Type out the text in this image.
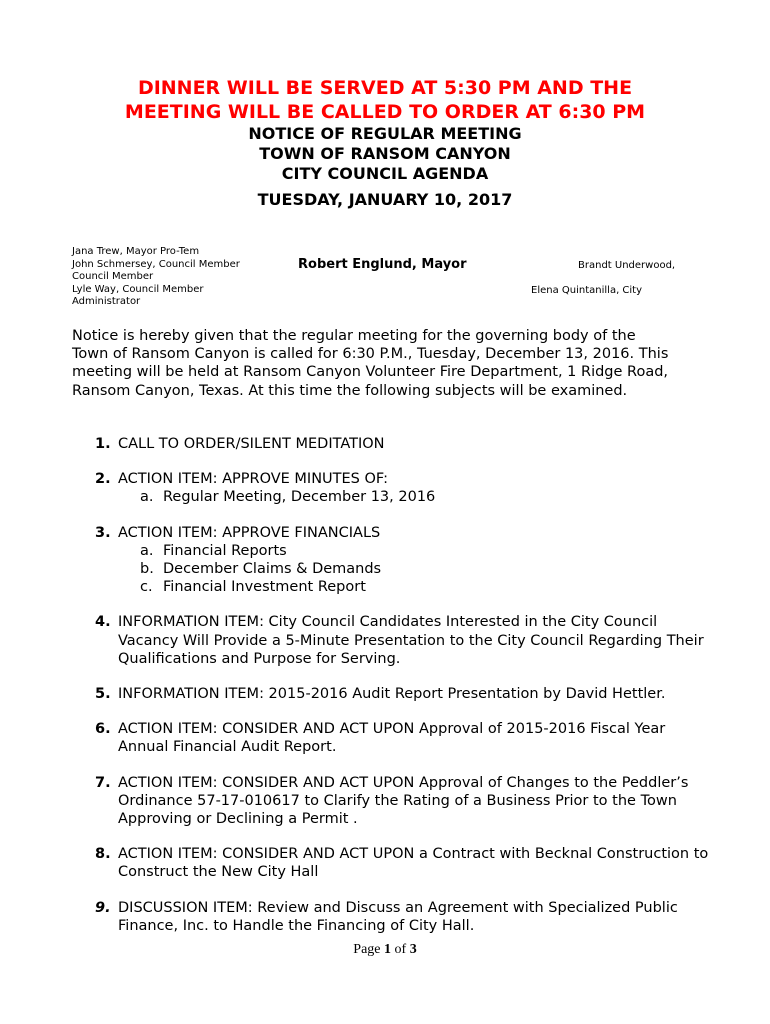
DINNER WILL BE SERVED AT 5:30 PM AND THE
MEETING WILL BE CALLED TO ORDER AT 6:30 PM
NOTICE OF REGULAR MEETING
TOWN OF RANSOM CANYON
CITY COUNCIL AGENDA
TUESDAY, JANUARY 10, 2017
Jana Trew, Mayor Pro-Tem
John Schmersey, Council Member
Council Member
Lyle Way, Council Member
Administrator
Robert Englund, Mayor	Brandt Underwood,
Elena Quintanilla, City
Notice is hereby given that the regular meeting for the governing body of the Town of Ransom Canyon is called for 6:30 P.M., Tuesday, December 13, 2016. This meeting will be held at Ransom Canyon Volunteer Fire Department, 1 Ridge Road, Ransom Canyon, Texas. At this time the following subjects will be examined.
1. CALL TO ORDER/SILENT MEDITATION
2. ACTION ITEM: APPROVE MINUTES OF:
a. Regular Meeting, December 13, 2016
3. ACTION ITEM: APPROVE FINANCIALS
a. Financial Reports
b. December Claims & Demands
c. Financial Investment Report
4. INFORMATION ITEM: City Council Candidates Interested in the City Council Vacancy Will Provide a 5-Minute Presentation to the City Council Regarding Their Qualifications and Purpose for Serving.
5. INFORMATION ITEM: 2015-2016 Audit Report Presentation by David Hettler.
6. ACTION ITEM: CONSIDER AND ACT UPON Approval of 2015-2016 Fiscal Year Annual Financial Audit Report.
7. ACTION ITEM: CONSIDER AND ACT UPON Approval of Changes to the Peddler’s Ordinance 57-17-010617 to Clarify the Rating of a Business Prior to the Town Approving or Declining a Permit .
8. ACTION ITEM: CONSIDER AND ACT UPON a Contract with Becknal Construction to Construct the New City Hall
9. DISCUSSION ITEM: Review and Discuss an Agreement with Specialized Public Finance, Inc. to Handle the Financing of City Hall.
Page 1 of 3
